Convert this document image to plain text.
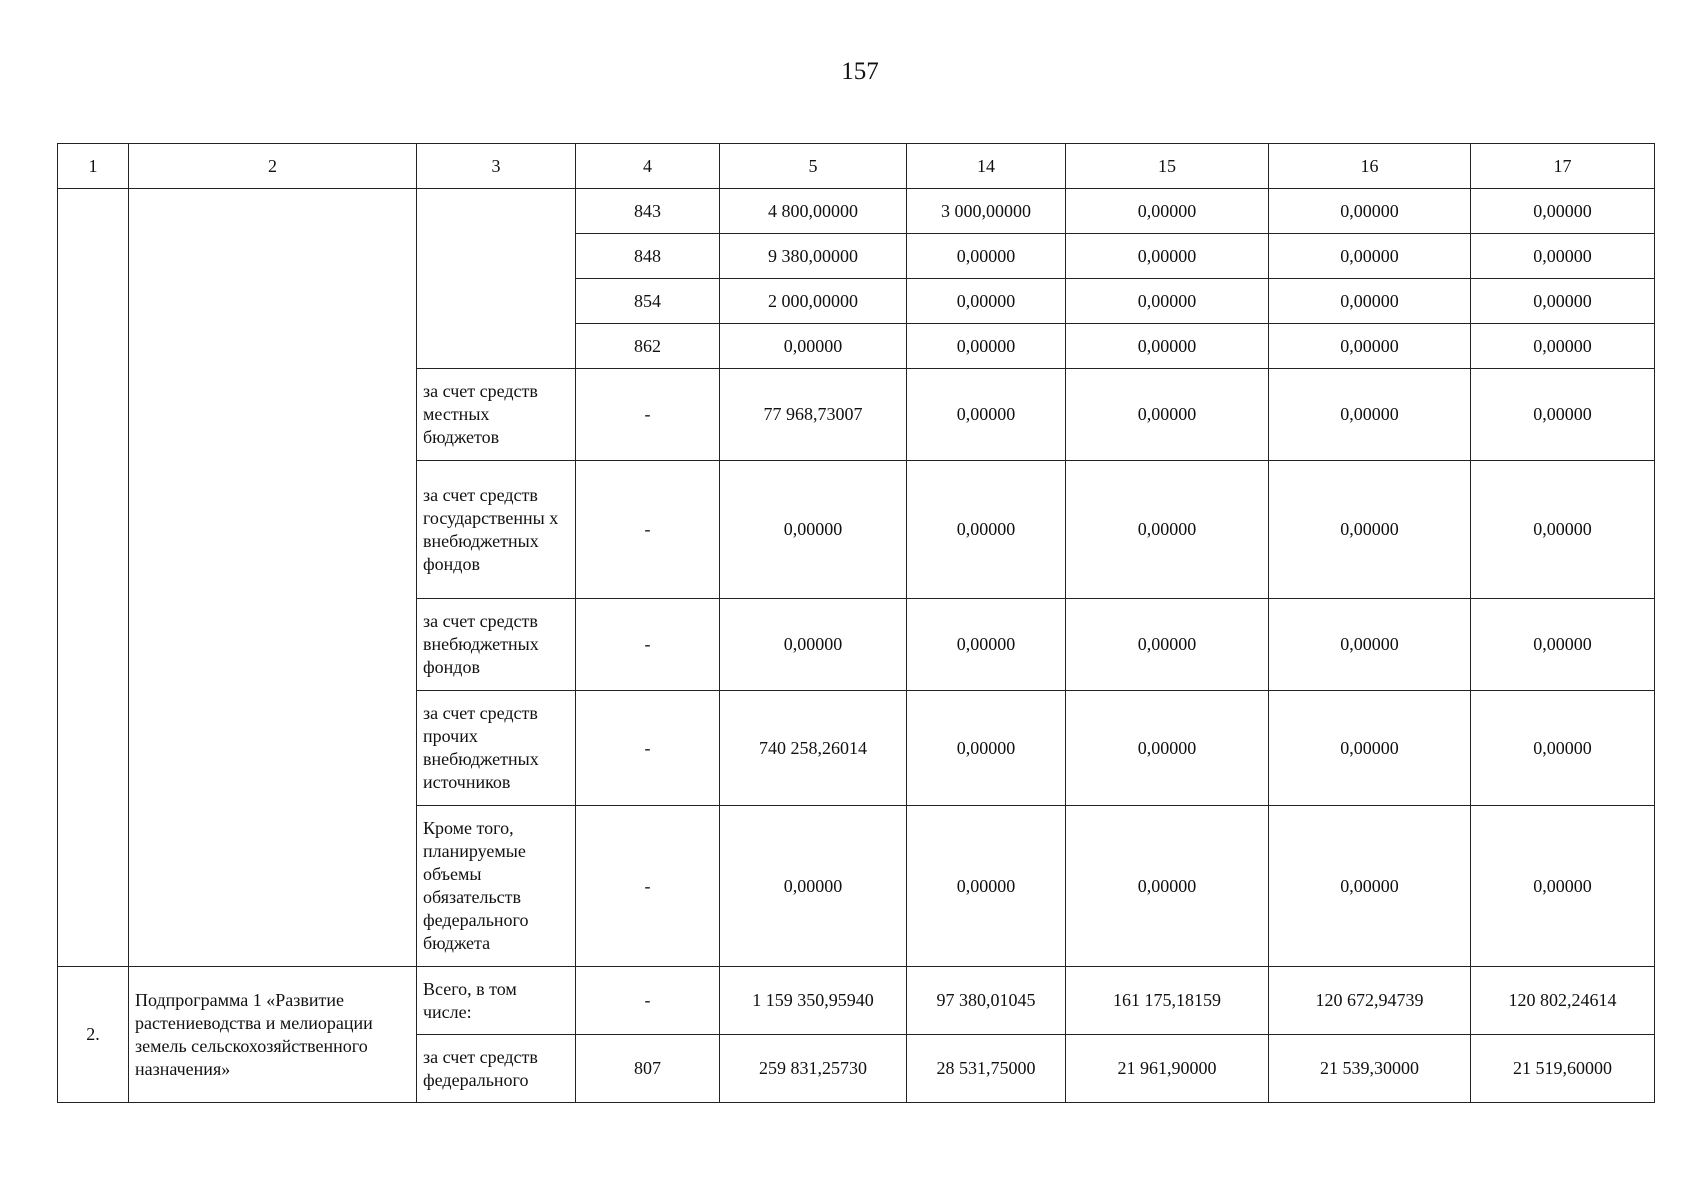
157
1	2	3	4	5	14	15	16	17
			843	4 800,00000	3 000,00000	0,00000	0,00000	0,00000
			848	9 380,00000	0,00000	0,00000	0,00000	0,00000
			854	2 000,00000	0,00000	0,00000	0,00000	0,00000
			862	0,00000	0,00000	0,00000	0,00000	0,00000
		за счет средств местных бюджетов	-	77 968,73007	0,00000	0,00000	0,00000	0,00000
		за счет средств государственны х внебюджетных фондов	-	0,00000	0,00000	0,00000	0,00000	0,00000
		за счет средств внебюджетных фондов	-	0,00000	0,00000	0,00000	0,00000	0,00000
		за счет средств прочих внебюджетных источников	-	740 258,26014	0,00000	0,00000	0,00000	0,00000
		Кроме того, планируемые объемы обязательств федерального бюджета	-	0,00000	0,00000	0,00000	0,00000	0,00000
2.	Подпрограмма 1 «Развитие растениеводства и мелиорации земель сельскохозяйственного назначения»	Всего, в том числе:	-	1 159 350,95940	97 380,01045	161 175,18159	120 672,94739	120 802,24614
		за счет средств федерального	807	259 831,25730	28 531,75000	21 961,90000	21 539,30000	21 519,60000
